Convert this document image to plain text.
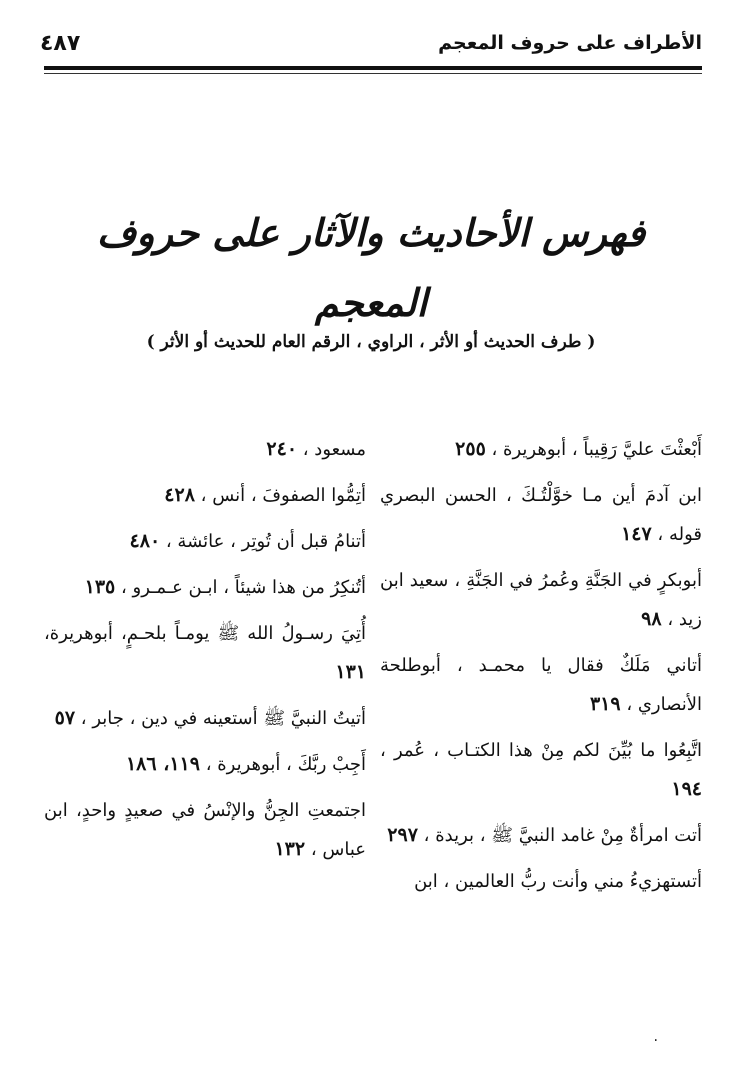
الأطراف على حروف المعجم
٤٨٧
فهرس الأحاديث والآثار على حروف المعجم
( طرف الحديث أو الأثر ، الراوي ، الرقم العام للحديث أو الأثر )
أَبْعثْتَ عليَّ رَقِيباً ، أبوهريرة ، ٢٥٥
ابن آدمَ أين مـا خوَّلْتُـكَ ، الحسن البصري قوله ، ١٤٧
أبوبكرٍ في الجَنَّةِ وعُمرُ في الجَنَّةِ ، سعيد ابن زيد ، ٩٨
أتاني مَلَكٌ فقال يا محمـد ، أبوطلحة الأنصاري ، ٣١٩
اتَّبِعُوا ما بُيِّنَ لكم مِنْ هذا الكتـاب ، عُمر ، ١٩٤
أتت امرأةٌ مِنْ غامد النبيَّ ﷺ ، بريدة ، ٢٩٧
أتستهزيءُ مني وأنت ربُّ العالمين ، ابن
مسعود ، ٢٤٠
أتِمُّوا الصفوفَ ، أنس ، ٤٢٨
أتنامُ قبل أن تُوتِر ، عائشة ، ٤٨٠
أتُنكِرُ من هذا شيئاً ، ابـن عـمـرو ، ١٣٥
أُتِيَ رسـولُ الله ﷺ يومـاً بلحـمٍ، أبوهريرة، ١٣١
أتيتُ النبيَّ ﷺ أستعينه في دين ، جابر ، ٥٧
أَجِبْ ربَّكَ ، أبوهريرة ، ١١٩، ١٨٦
اجتمعتِ الجِنُّ والإنْسُ في صعيدٍ واحدٍ، ابن عباس ، ١٣٢
٠
